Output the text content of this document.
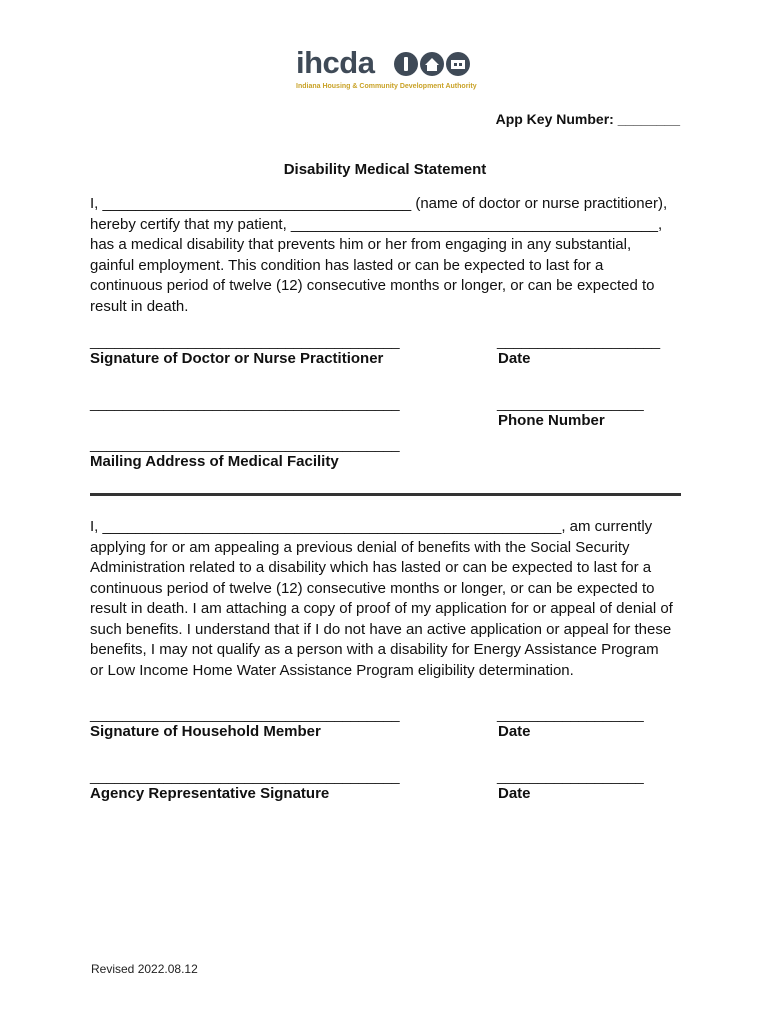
ihcda
Indiana Housing & Community Development Authority
App Key Number: ________
Disability Medical Statement

I, _____________________________________ (name of doctor or nurse practitioner),
hereby certify that my patient, ____________________________________________,
has a medical disability that prevents him or her from engaging in any substantial,
gainful employment. This condition has lasted or can be expected to last for a
continuous period of twelve (12) consecutive months or longer, or can be expected to
result in death.

______________________________________	____________________
Signature of Doctor or Nurse Practitioner	Date
______________________________________	__________________
Phone Number
______________________________________
Mailing Address of Medical Facility

I, _______________________________________________________, am currently
applying for or am appealing a previous denial of benefits with the Social Security
Administration related to a disability which has lasted or can be expected to last for a
continuous period of twelve (12) consecutive months or longer, or can be expected to
result in death. I am attaching a copy of proof of my application for or appeal of denial of
such benefits. I understand that if I do not have an active application or appeal for these
benefits, I may not qualify as a person with a disability for Energy Assistance Program
or Low Income Home Water Assistance Program eligibility determination.

______________________________________	__________________
Signature of Household Member	Date
______________________________________	__________________
Agency Representative Signature	Date
Revised 2022.08.12
